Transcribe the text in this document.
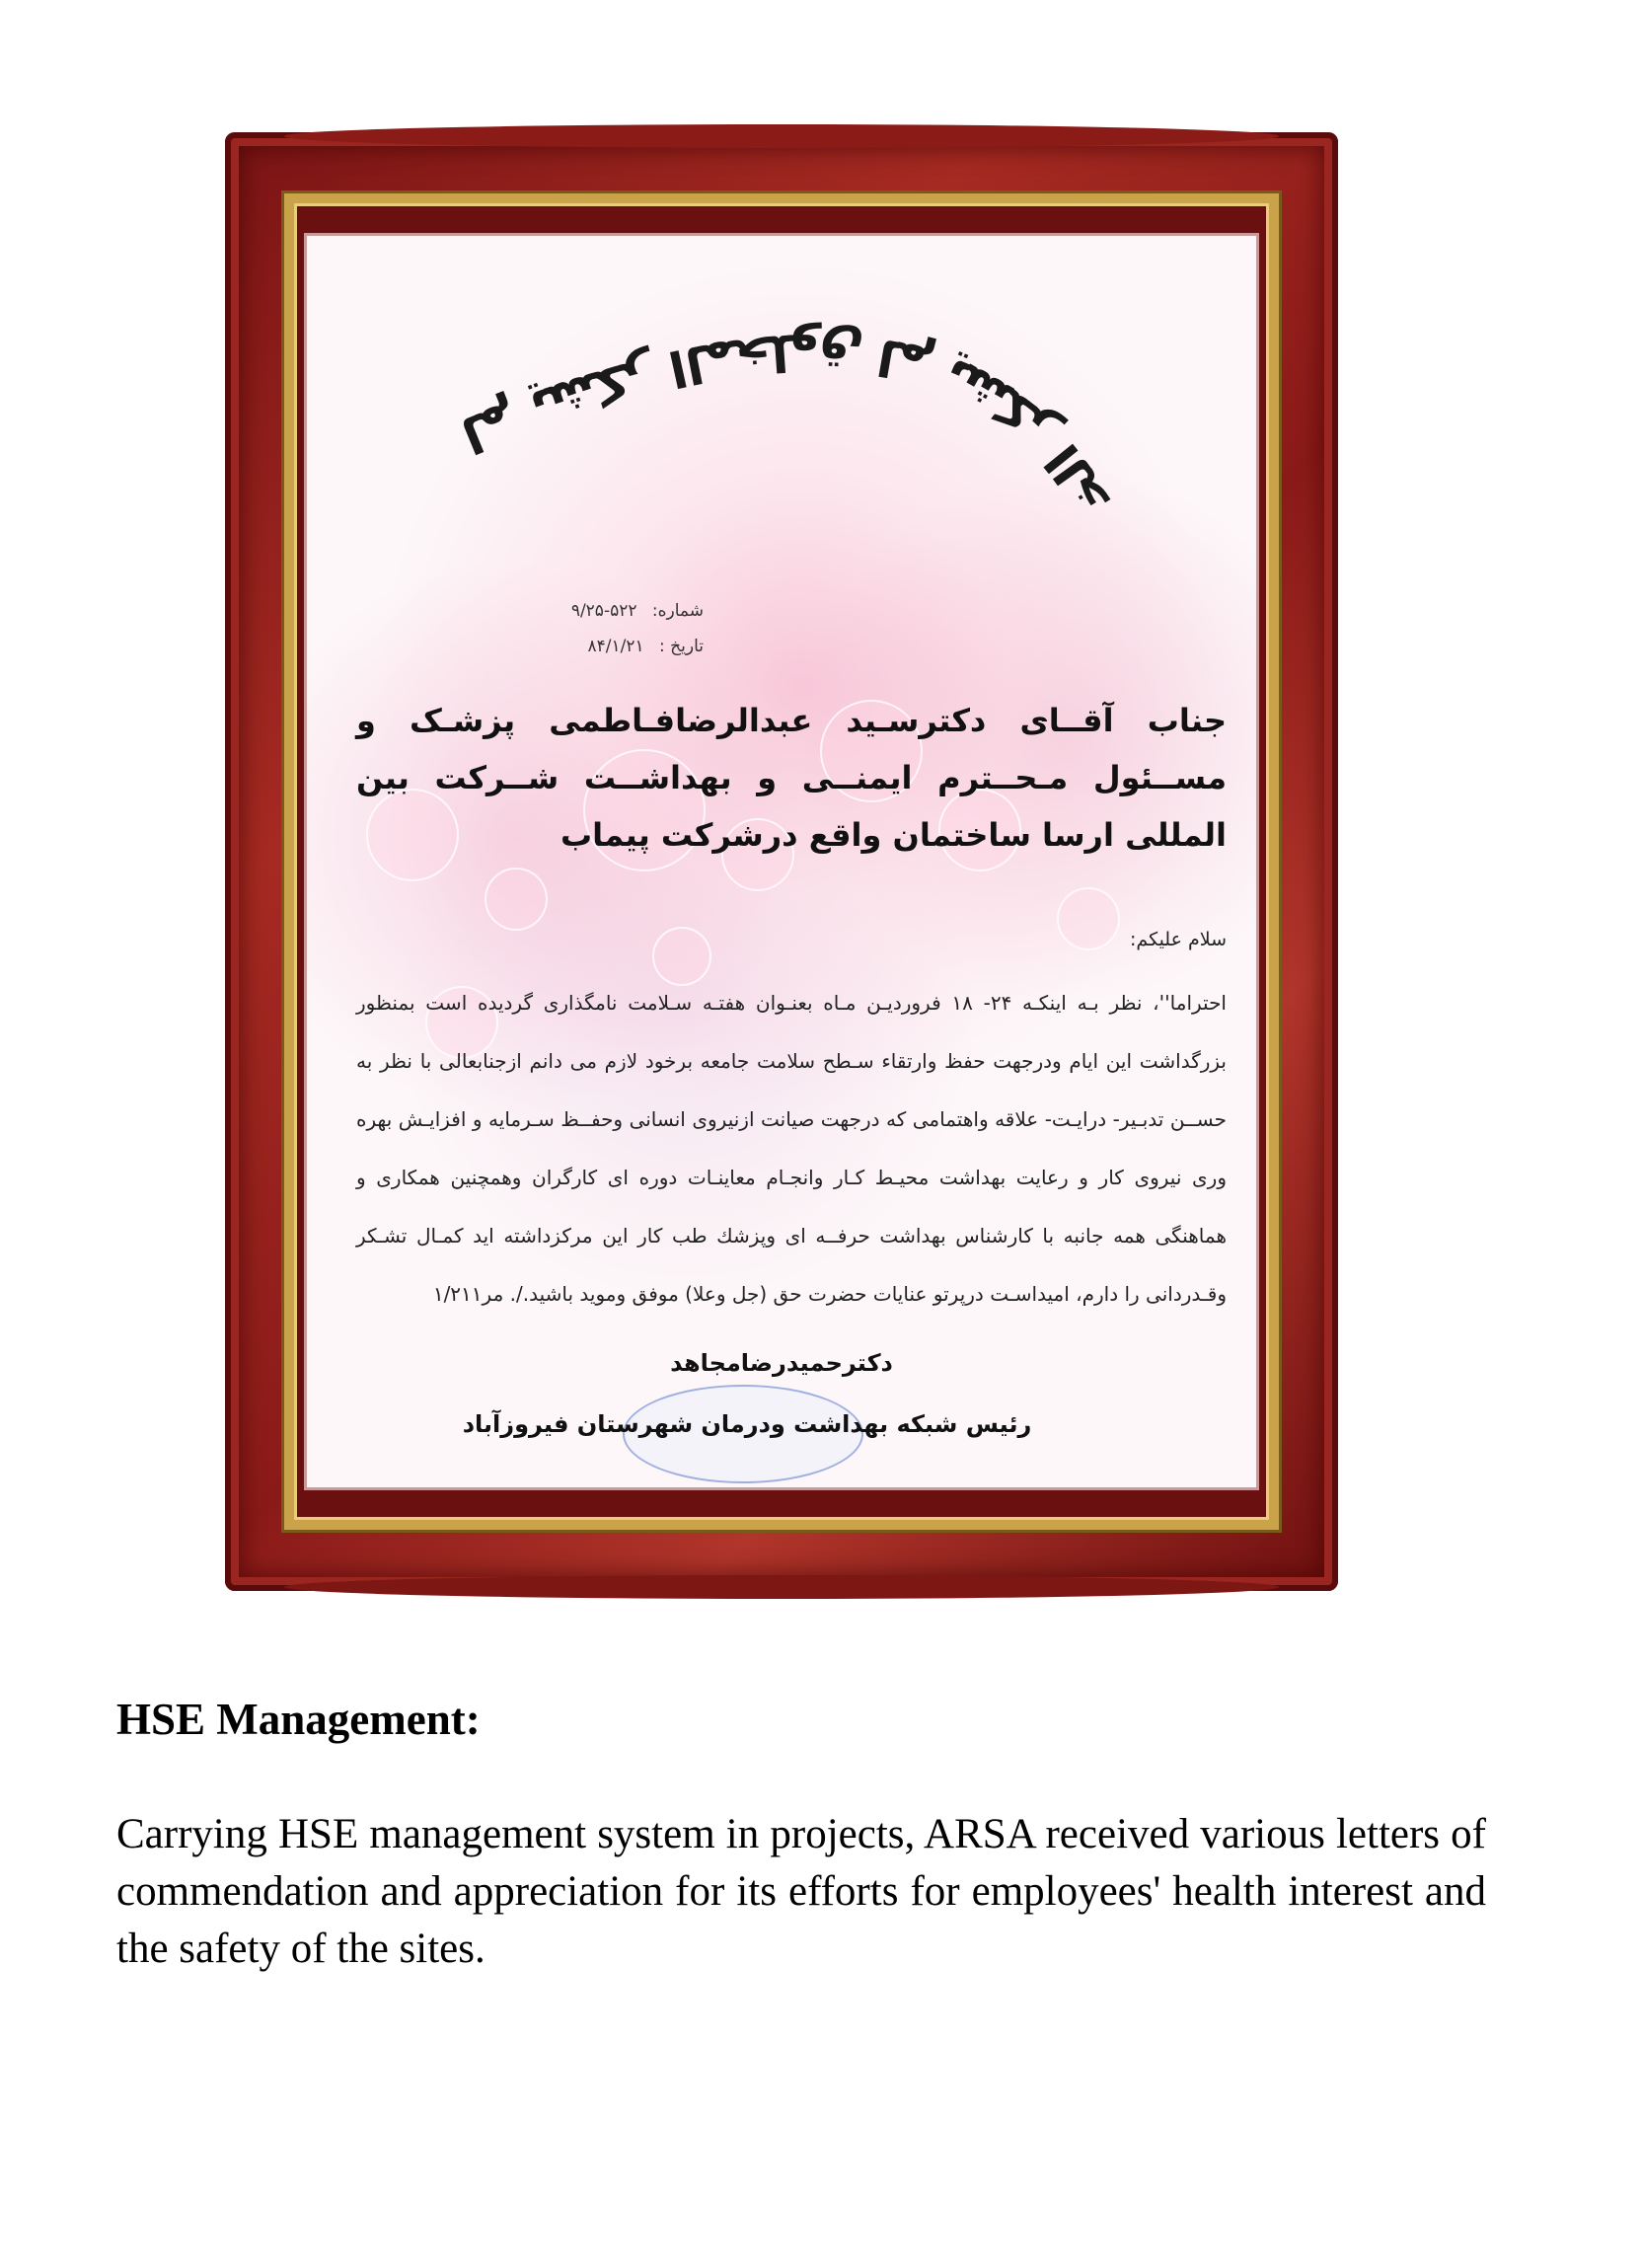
من لم يشكر المخلوق لم يشكر الخالق
شماره: ۵۲۲-۹/۲۵
تاریخ : ۸۴/۱/۲۱
جناب آقــای دکترسـید عبدالرضافـاطمی پزشـک و مســئول مـحــترم ایمنــی و بهداشــت شــرکت بین المللی ارسا ساختمان واقع درشرکت پیماب
سلام علیکم:
احتراما''، نظر بـه اینکـه ۲۴- ۱۸ فروردیـن مـاه بعنـوان هفتـه سـلامت نامگذاری گردیده است بمنظور بزرگداشت این ایام ودرجهت حفظ وارتقاء سـطح سلامت جامعه برخود لازم می دانم ازجنابعالی با نظر به حســن تدبـیر- درایـت- علاقه واهتمامی که درجهت صیانت ازنیروی انسانی وحفــظ سـرمایه و افزایـش بهره وری نیروی کار و رعایت بهداشت محیـط کـار وانجـام معاینـات دوره ای کارگران وهمچنین همکاری و هماهنگی همه جانبه با کارشناس بهداشت حرفــه ای وپزشك طب کار این مرکزداشته اید کمـال تشـکر وقـدردانی را دارم، امیداسـت درپرتو عنایات حضرت حق (جل وعلا) موفق وموید باشید./. مر۱/۲۱۱
دکترحمیدرضامجاهد
رئیس شبکه بهداشت ودرمان شهرستان فیروزآباد
HSE Management:

Carrying HSE management system in projects, ARSA received various letters of commendation and appreciation for its efforts for employees' health interest and the safety of the sites.
